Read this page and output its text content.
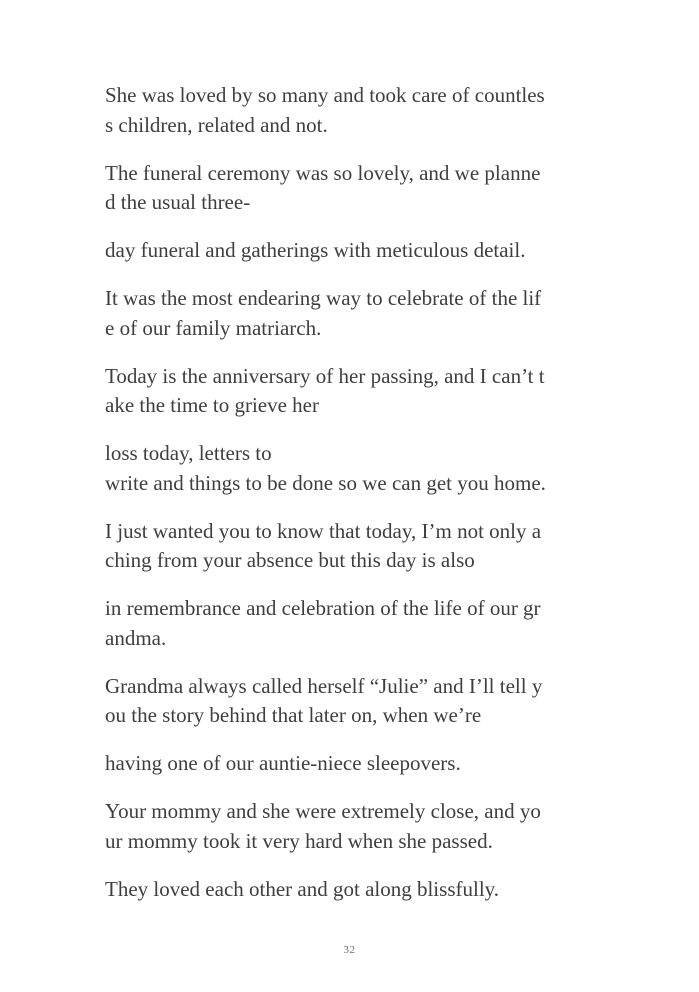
She was loved by so many and took care of countles
s children, related and not.
The funeral ceremony was so lovely, and we planne
d the usual three-
day funeral and gatherings with meticulous detail.
It was the most endearing way to celebrate of the lif
e of our family matriarch.
Today is the anniversary of her passing, and I can’t t
ake the time to grieve her
loss today, letters to
write and things to be done so we can get you home.
I just wanted you to know that today, I’m not only a
ching from your absence but this day is also
in remembrance and celebration of the life of our gr
andma.
Grandma always called herself “Julie” and I’ll tell y
ou the story behind that later on, when we’re
having one of our auntie-niece sleepovers.
Your mommy and she were extremely close, and yo
ur mommy took it very hard when she passed.
They loved each other and got along blissfully.
32
